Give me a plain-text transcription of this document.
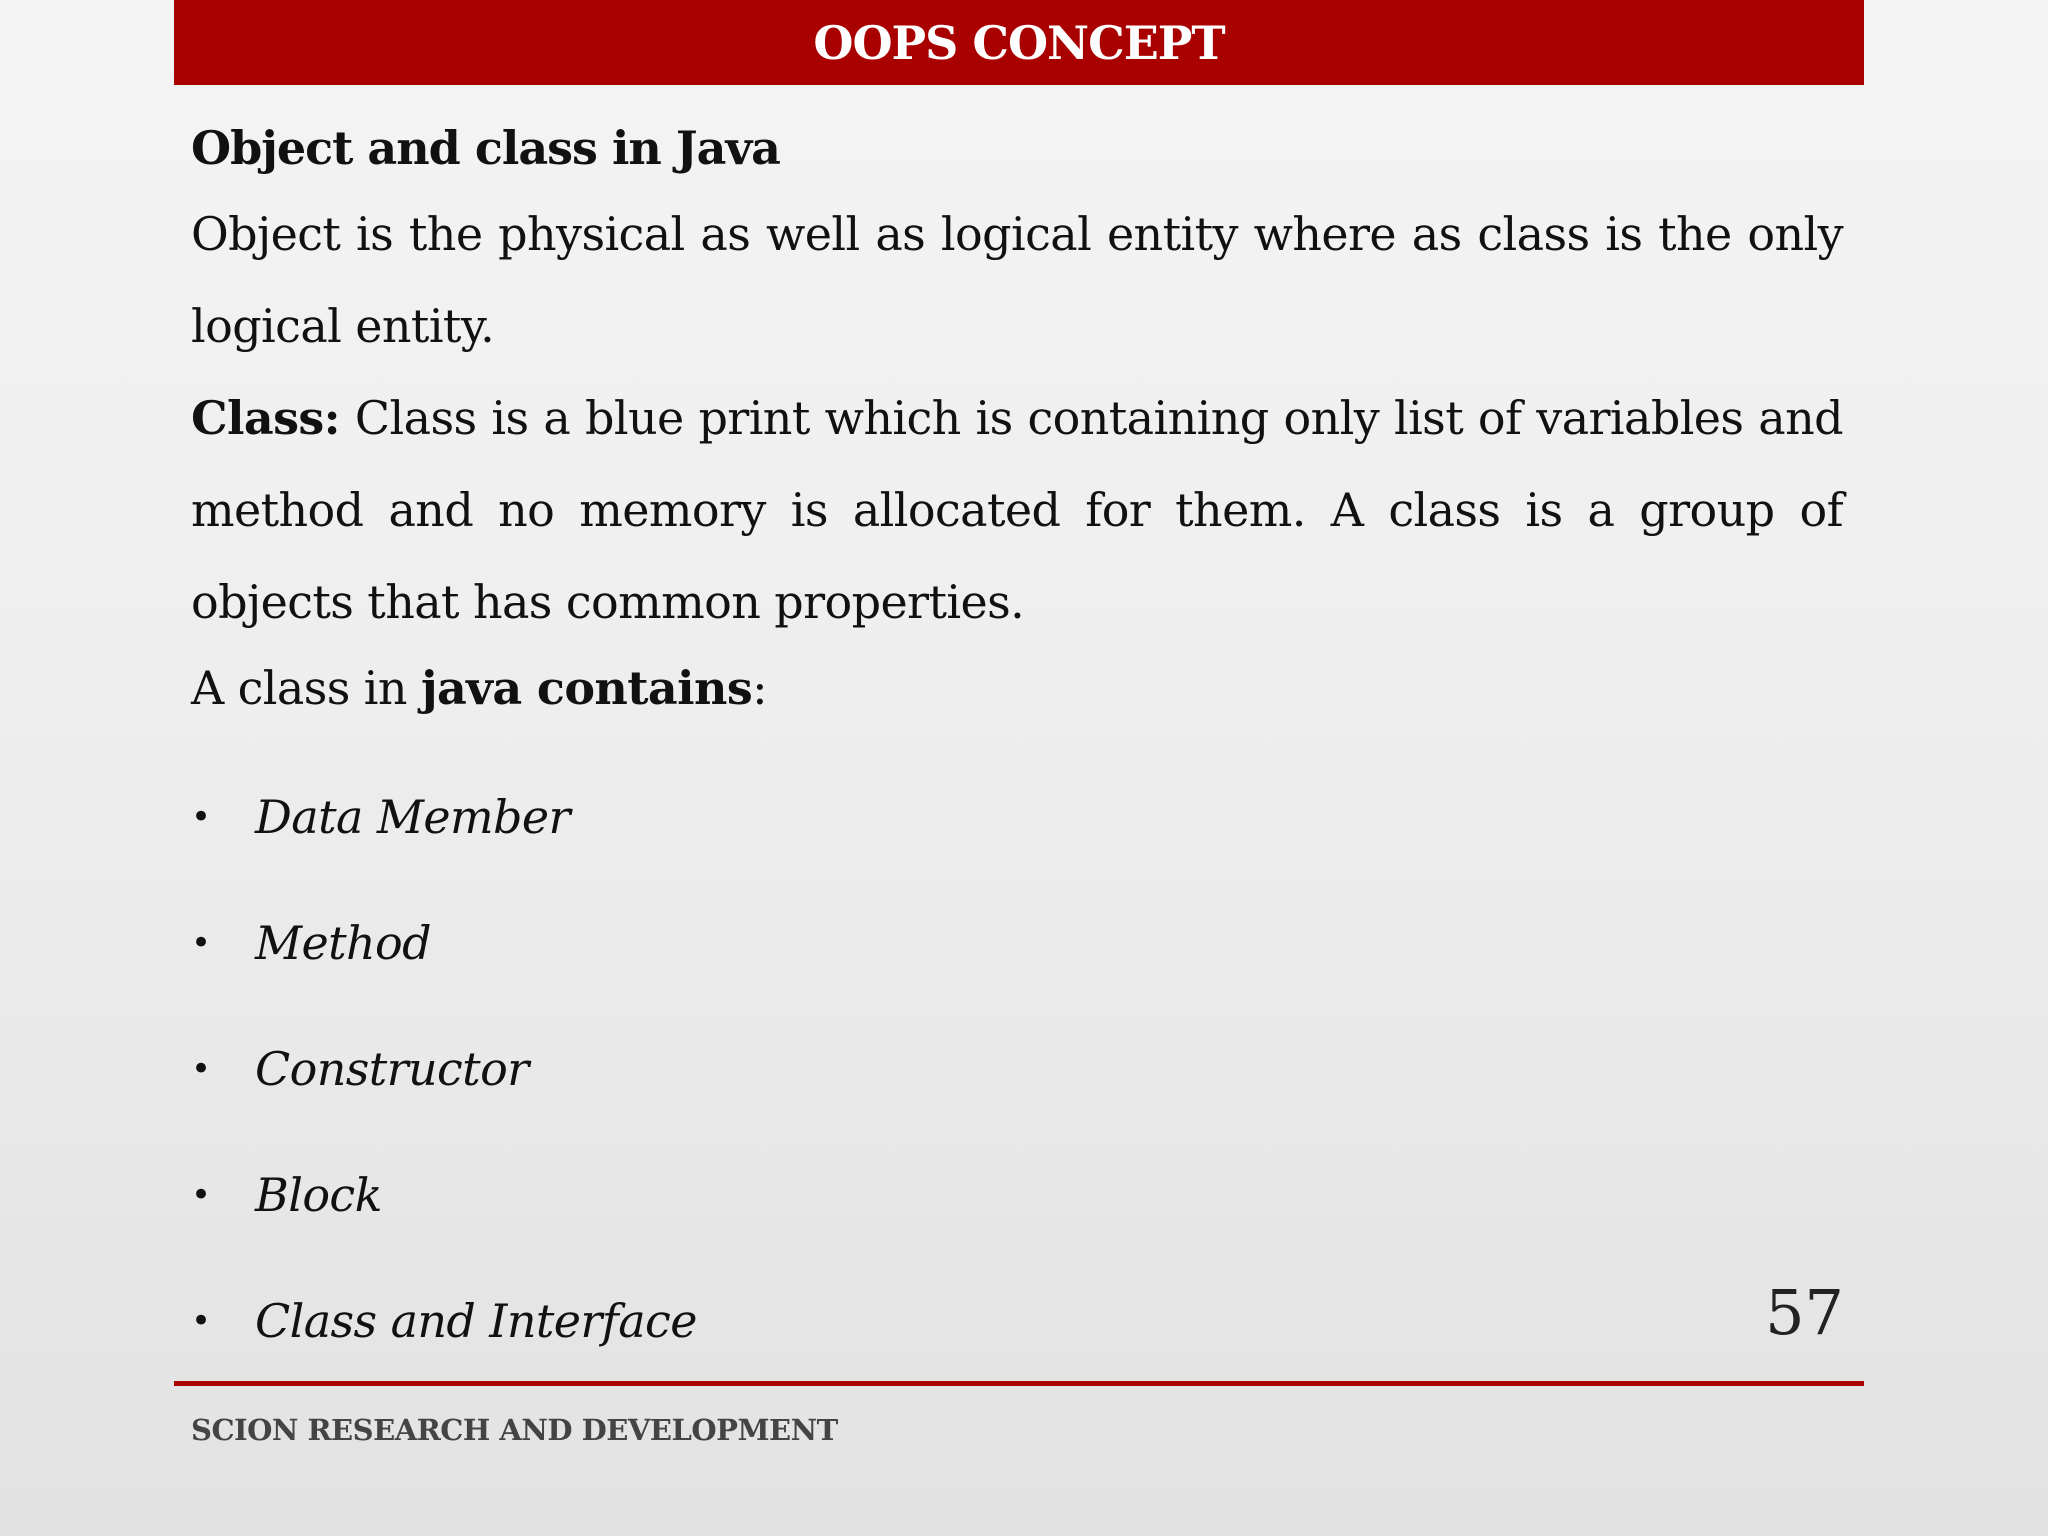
OOPS CONCEPT

Object and class in Java

Object is the physical as well as logical entity where as class is the only logical entity.

Class: Class is a blue print which is containing only list of variables and method and no memory is allocated for them. A class is a group of objects that has common properties.

A class in java contains:

• Data Member
• Method
• Constructor
• Block
• Class and Interface	57
SCION RESEARCH AND DEVELOPMENT
